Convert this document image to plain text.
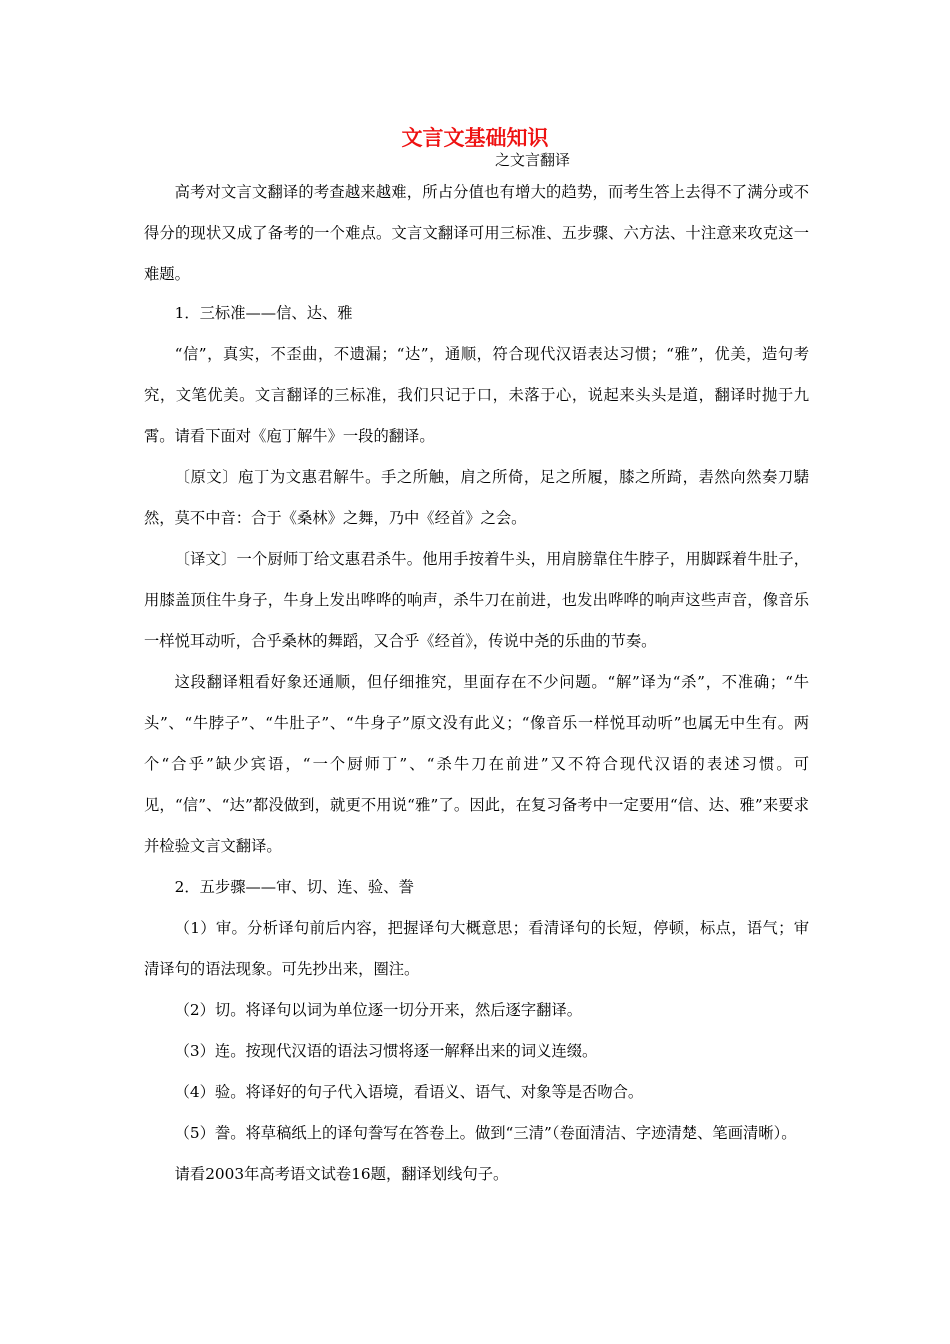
文言文基础知识
之文言翻译

高考对文言文翻译的考查越来越难，所占分值也有增大的趋势，而考生答上去得不了满分或不得分的现状又成了备考的一个难点。文言文翻译可用三标准、五步骤、六方法、十注意来攻克这一难题。

1．三标准——信、达、雅

“信”，真实，不歪曲，不遗漏；“达”，通顺，符合现代汉语表达习惯；“雅”，优美，造句考究，文笔优美。文言翻译的三标准，我们只记于口，未落于心，说起来头头是道，翻译时抛于九霄。请看下面对《庖丁解牛》一段的翻译。

〔原文〕庖丁为文惠君解牛。手之所触，肩之所倚，足之所履，膝之所踦，砉然向然奏刀騞然，莫不中音：合于《桑林》之舞，乃中《经首》之会。

〔译文〕一个厨师丁给文惠君杀牛。他用手按着牛头，用肩膀靠住牛脖子，用脚踩着牛肚子，用膝盖顶住牛身子，牛身上发出哗哗的响声，杀牛刀在前进，也发出哗哗的响声这些声音，像音乐一样悦耳动听，合乎桑林的舞蹈，又合乎《经首》，传说中尧的乐曲的节奏。

这段翻译粗看好象还通顺，但仔细推究，里面存在不少问题。“解”译为“杀”，不准确；“牛头”、“牛脖子”、“牛肚子”、“牛身子”原文没有此义；“像音乐一样悦耳动听”也属无中生有。两个“合乎”缺少宾语，“一个厨师丁”、“杀牛刀在前进”又不符合现代汉语的表述习惯。可见，“信”、“达”都没做到，就更不用说“雅”了。因此，在复习备考中一定要用“信、达、雅”来要求并检验文言文翻译。

2．五步骤——审、切、连、验、誊

（1）审。分析译句前后内容，把握译句大概意思；看清译句的长短，停顿，标点，语气；审清译句的语法现象。可先抄出来，圈注。

（2）切。将译句以词为单位逐一切分开来，然后逐字翻译。

（3）连。按现代汉语的语法习惯将逐一解释出来的词义连缀。

（4）验。将译好的句子代入语境，看语义、语气、对象等是否吻合。

（5）誊。将草稿纸上的译句誊写在答卷上。做到“三清”（卷面清洁、字迹清楚、笔画清晰）。

请看2003年高考语文试卷16题，翻译划线句子。
